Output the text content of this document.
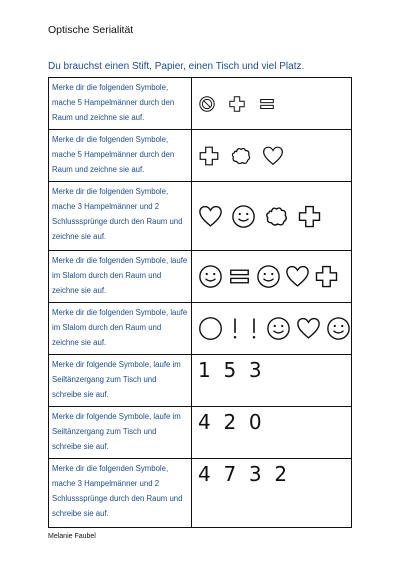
Optische Serialität
Du brauchst einen Stift, Papier, einen Tisch und viel Platz.
Merke dir die folgenden Symbole, mache 5 Hampelmänner durch den Raum und zeichne sie auf.	

Merke dir die folgenden Symbole, mache 5 Hampelmänner durch den Raum und zeichne sie auf.	

Merke dir die folgenden Symbole, mache 3 Hampelmänner und 2 Schlusssprünge durch den Raum und zeichne sie auf.	

Merke dir die folgenden Symbole, laufe im Slalom durch den Raum und zeichne sie auf.	

Merke dir die folgenden Symbole, laufe im Slalom durch den Raum und zeichne sie auf.	

Merke dir folgende Symbole, laufe im Seiltänzergang zum Tisch und schreibe sie auf.	1  5  3

Merke dir folgende Symbole, laufe im Seiltänzergang zum Tisch und schreibe sie auf.	4  2  0

Merke dir die folgenden Symbole, mache 3 Hampelmänner und 2 Schlusssprünge durch den Raum und schreibe sie auf.	4  7  3  2
Melanie Faubel
